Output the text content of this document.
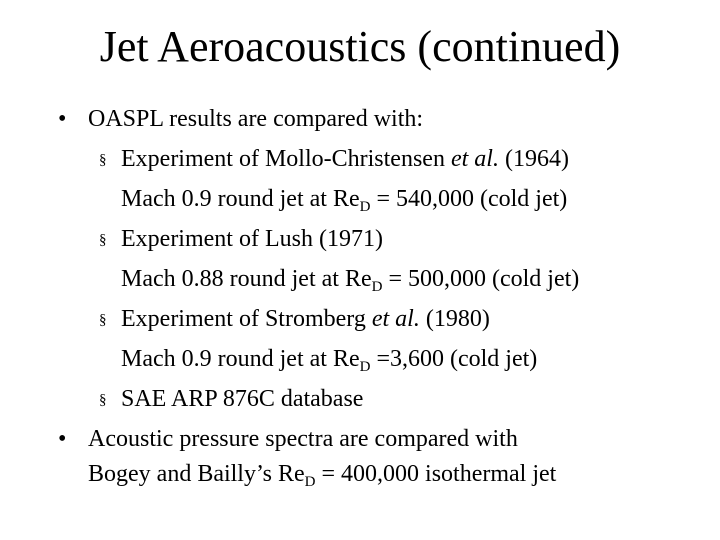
Jet Aeroacoustics (continued)
• OASPL results are compared with:
§ Experiment of Mollo-Christensen et al. (1964)
Mach 0.9 round jet at $Re_D = 540,000$ (cold jet)
§ Experiment of Lush (1971)
Mach 0.88 round jet at $Re_D = 500,000$ (cold jet)
§ Experiment of Stromberg et al. (1980)
Mach 0.9 round jet at $Re_D =3,600$ (cold jet)
§ SAE ARP 876C database
• Acoustic pressure spectra are compared with
Bogey and Bailly’s $Re_D = 400,000$ isothermal jet
